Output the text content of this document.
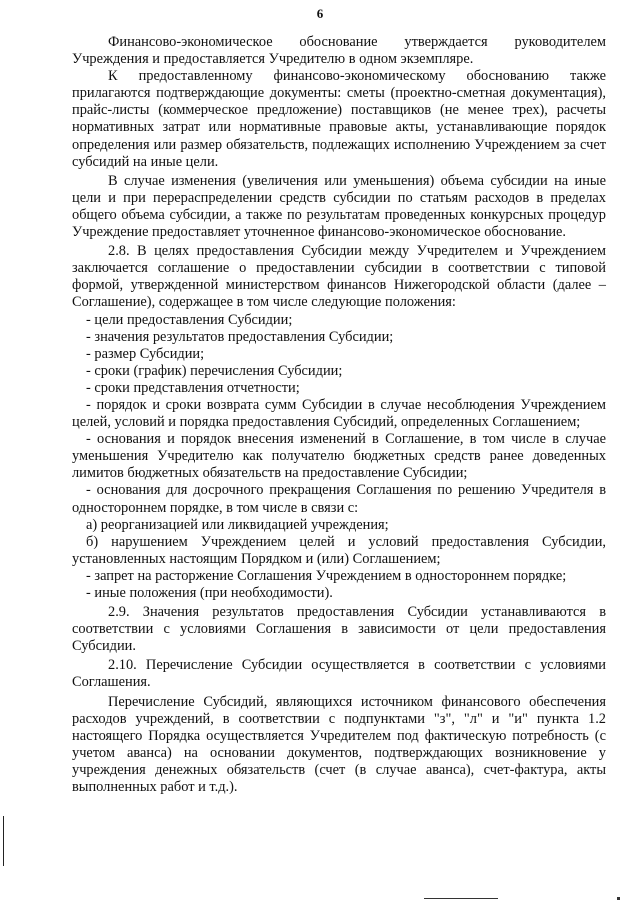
6

Финансово-экономическое обоснование утверждается руководителем Учреждения и предоставляется Учредителю в одном экземпляре.

К предоставленному финансово-экономическому обоснованию также прилагаются подтверждающие документы: сметы (проектно-сметная документация), прайс-листы (коммерческое предложение) поставщиков (не менее трех), расчеты нормативных затрат или нормативные правовые акты, устанавливающие порядок определения или размер обязательств, подлежащих исполнению Учреждением за счет субсидий на иные цели.

В случае изменения (увеличения или уменьшения) объема субсидии на иные цели и при перераспределении средств субсидии по статьям расходов в пределах общего объема субсидии, а также по результатам проведенных конкурсных процедур Учреждение предоставляет уточненное финансово-экономическое обоснование.

2.8. В целях предоставления Субсидии между Учредителем и Учреждением заключается соглашение о предоставлении субсидии в соответствии с типовой формой, утвержденной министерством финансов Нижегородской области (далее – Соглашение), содержащее в том числе следующие положения:

- цели предоставления Субсидии;

- значения результатов предоставления Субсидии;

- размер Субсидии;

- сроки (график) перечисления Субсидии;

- сроки представления отчетности;

- порядок и сроки возврата сумм Субсидии в случае несоблюдения Учреждением целей, условий и порядка предоставления Субсидий, определенных Соглашением;

- основания и порядок внесения изменений в Соглашение, в том числе в случае уменьшения Учредителю как получателю бюджетных средств ранее доведенных лимитов бюджетных обязательств на предоставление Субсидии;

- основания для досрочного прекращения Соглашения по решению Учредителя в одностороннем порядке, в том числе в связи с:

а) реорганизацией или ликвидацией учреждения;

б) нарушением Учреждением целей и условий предоставления Субсидии, установленных настоящим Порядком и (или) Соглашением;

- запрет на расторжение Соглашения Учреждением в одностороннем порядке;

- иные положения (при необходимости).

2.9. Значения результатов предоставления Субсидии устанавливаются в соответствии с условиями Соглашения в зависимости от цели предоставления Субсидии.

2.10. Перечисление Субсидии осуществляется в соответствии с условиями Соглашения.

Перечисление Субсидий, являющихся источником финансового обеспечения расходов учреждений, в соответствии с подпунктами "з", "л" и "и" пункта 1.2 настоящего Порядка осуществляется Учредителем под фактическую потребность (с учетом аванса) на основании документов, подтверждающих возникновение у учреждения денежных обязательств (счет (в случае аванса), счет-фактура, акты выполненных работ и т.д.).
